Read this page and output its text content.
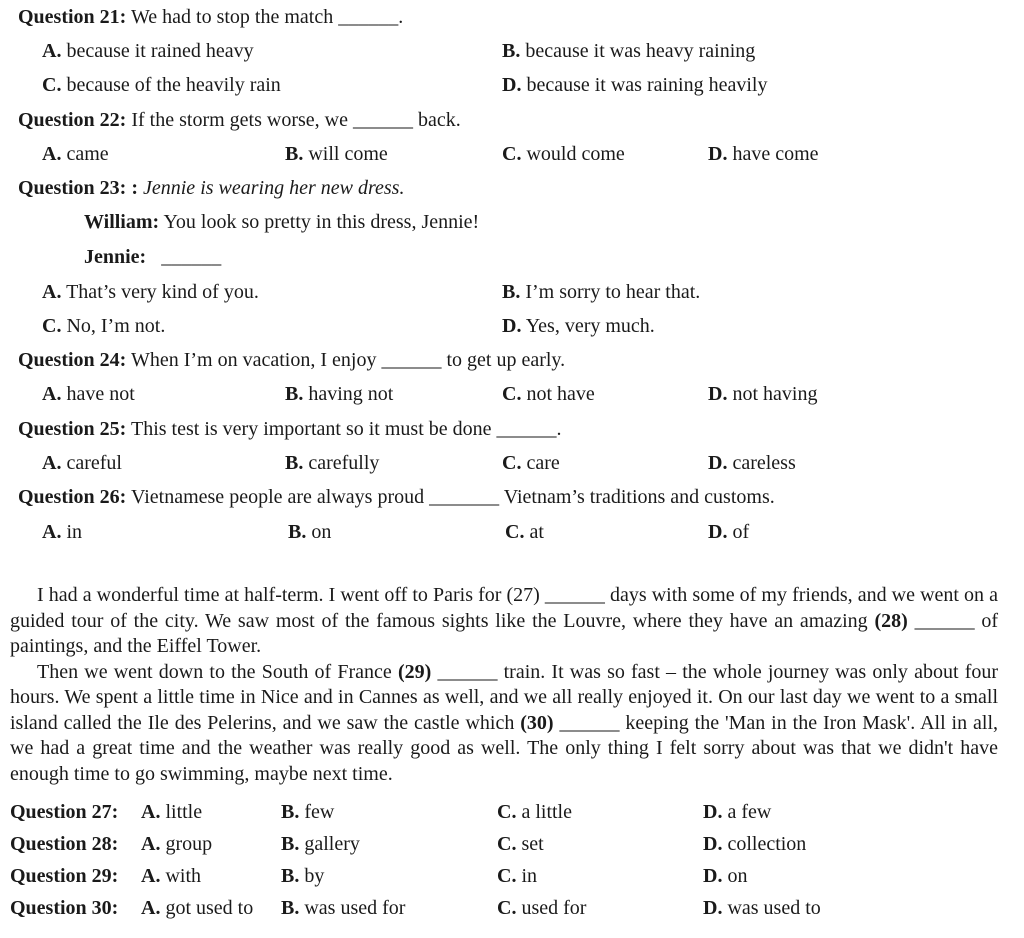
Question 21: We had to stop the match ______.
A. because it rained heavy	B. because it was heavy raining
C. because of the heavily rain	D. because it was raining heavily
Question 22: If the storm gets worse, we ______ back.
A. came	B. will come	C. would come	D. have come
Question 23: : Jennie is wearing her new dress.
William: You look so pretty in this dress, Jennie!
Jennie: ______
A. That’s very kind of you.	B. I’m sorry to hear that.
C. No, I’m not.	D. Yes, very much.
Question 24: When I’m on vacation, I enjoy ______ to get up early.
A. have not	B. having not	C. not have	D. not having
Question 25: This test is very important so it must be done ______.
A. careful	B. carefully	C. care	D. careless
Question 26: Vietnamese people are always proud _______ Vietnam’s traditions and customs.
A. in	B. on	C. at	D. of

I had a wonderful time at half-term. I went off to Paris for (27) ______ days with some of my friends, and we went on a guided tour of the city. We saw most of the famous sights like the Louvre, where they have an amazing (28) ______ of paintings, and the Eiffel Tower.

Then we went down to the South of France (29) ______ train. It was so fast – the whole journey was only about four hours. We spent a little time in Nice and in Cannes as well, and we all really enjoyed it. On our last day we went to a small island called the Ile des Pelerins, and we saw the castle which (30) ______ keeping the 'Man in the Iron Mask'. All in all, we had a great time and the weather was really good as well. The only thing I felt sorry about was that we didn't have enough time to go swimming, maybe next time.

Question 27: A. little	B. few	C. a little	D. a few
Question 28: A. group	B. gallery	C. set	D. collection
Question 29: A. with	B. by	C. in	D. on
Question 30: A. got used to B. was used for	C. used for	D. was used to
